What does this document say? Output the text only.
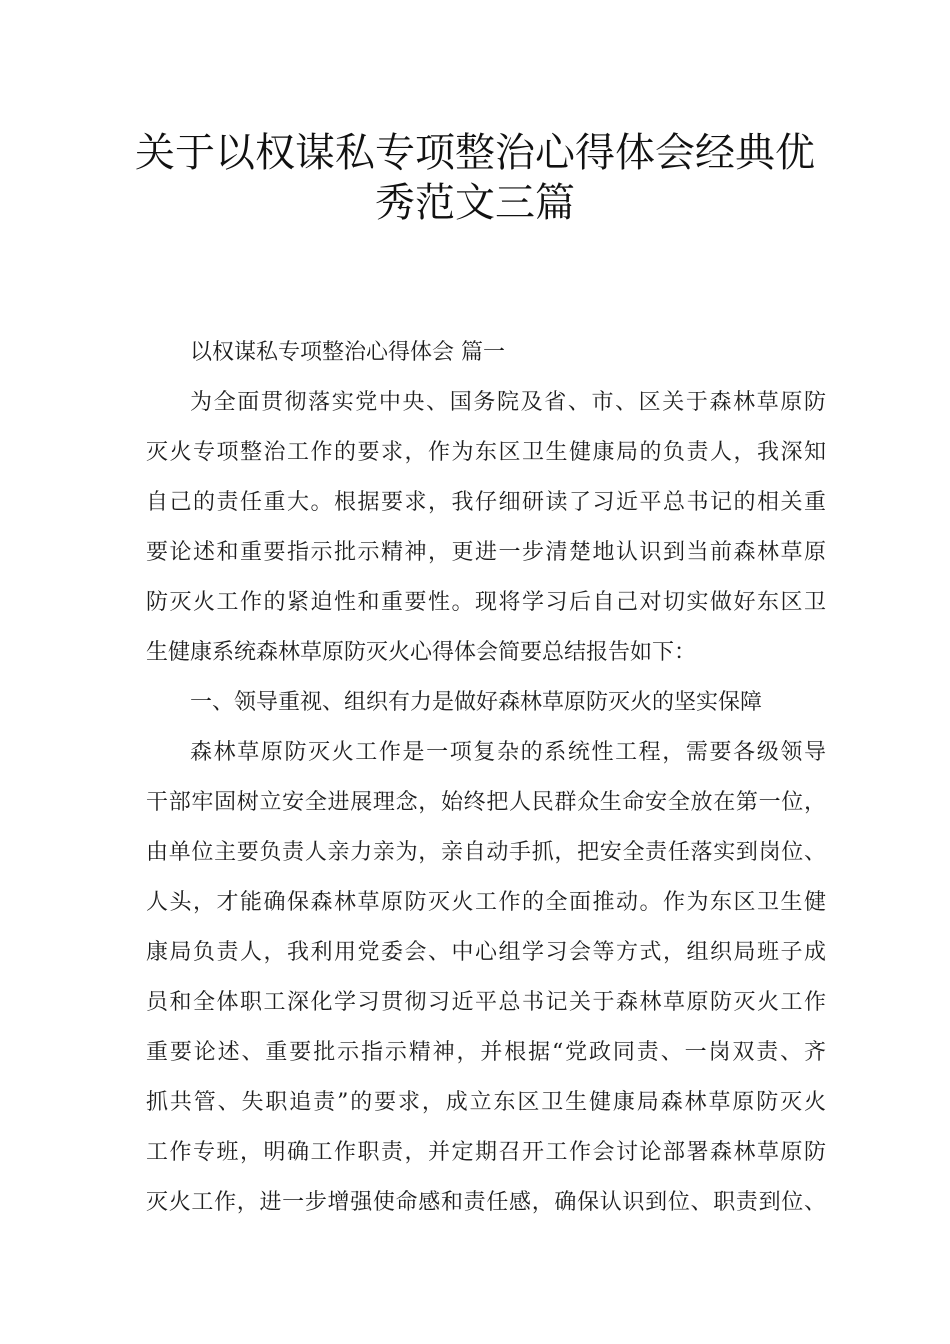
关于以权谋私专项整治心得体会经典优
秀范文三篇

以权谋私专项整治心得体会 篇一

为全面贯彻落实党中央、国务院及省、市、区关于森林草原防

灭火专项整治工作的要求，作为东区卫生健康局的负责人，我深知

自己的责任重大。根据要求，我仔细研读了习近平总书记的相关重

要论述和重要指示批示精神，更进一步清楚地认识到当前森林草原

防灭火工作的紧迫性和重要性。现将学习后自己对切实做好东区卫

生健康系统森林草原防灭火心得体会简要总结报告如下：

一、领导重视、组织有力是做好森林草原防灭火的坚实保障

森林草原防灭火工作是一项复杂的系统性工程，需要各级领导

干部牢固树立安全进展理念，始终把人民群众生命安全放在第一位，

由单位主要负责人亲力亲为，亲自动手抓，把安全责任落实到岗位、

人头，才能确保森林草原防灭火工作的全面推动。作为东区卫生健

康局负责人，我利用党委会、中心组学习会等方式，组织局班子成

员和全体职工深化学习贯彻习近平总书记关于森林草原防灭火工作

重要论述、重要批示指示精神，并根据“党政同责、一岗双责、齐

抓共管、失职追责”的要求，成立东区卫生健康局森林草原防灭火

工作专班，明确工作职责，并定期召开工作会讨论部署森林草原防

灭火工作，进一步增强使命感和责任感，确保认识到位、职责到位、
